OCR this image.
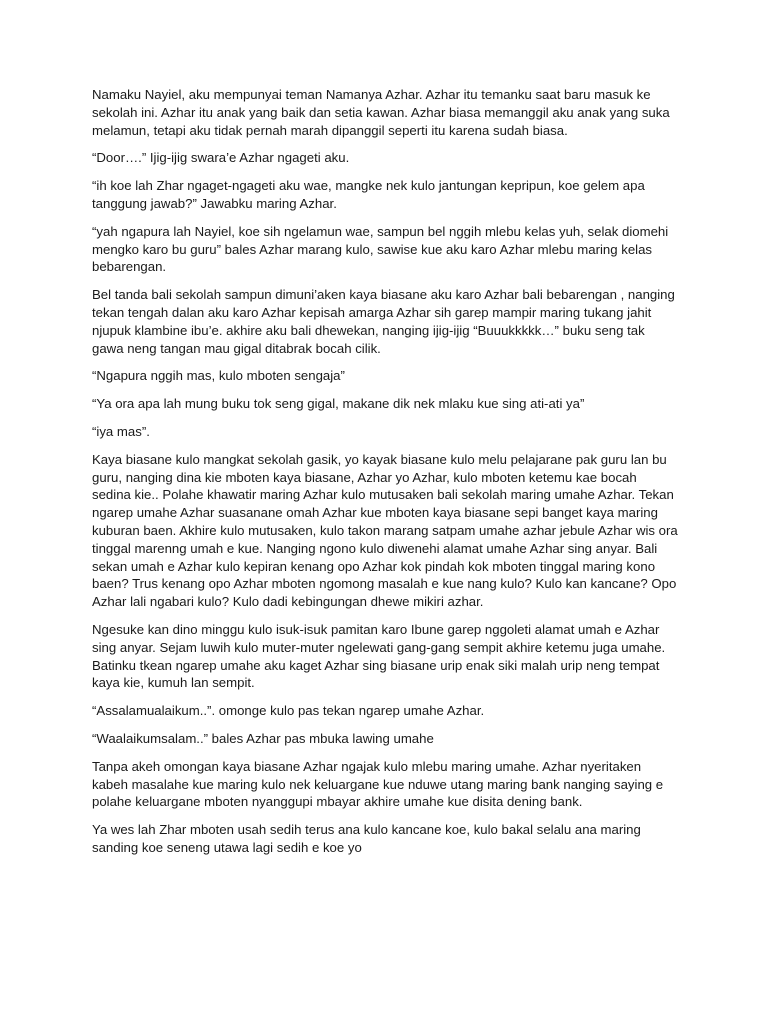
Namaku Nayiel, aku mempunyai teman Namanya Azhar. Azhar itu temanku saat baru masuk ke sekolah ini. Azhar itu anak yang baik dan setia kawan. Azhar biasa memanggil aku anak yang suka melamun, tetapi aku tidak pernah marah dipanggil seperti itu karena sudah biasa.

“Door….” Ijig-ijig swara’e Azhar ngageti aku.

“ih koe lah Zhar ngaget-ngageti aku wae, mangke nek kulo jantungan kepripun, koe gelem apa tanggung jawab?” Jawabku maring Azhar.

“yah ngapura lah Nayiel, koe sih ngelamun wae, sampun bel nggih mlebu kelas yuh, selak diomehi mengko karo bu guru” bales Azhar marang kulo, sawise kue aku karo Azhar mlebu maring kelas bebarengan.

Bel tanda bali sekolah sampun dimuni’aken kaya biasane aku karo Azhar bali bebarengan , nanging tekan tengah dalan aku karo Azhar kepisah amarga Azhar sih garep mampir maring tukang jahit njupuk klambine ibu’e. akhire aku bali dhewekan, nanging ijig-ijig “Buuukkkkk…” buku seng tak gawa neng tangan mau gigal ditabrak bocah cilik.

“Ngapura nggih mas, kulo mboten sengaja”

“Ya ora apa lah mung buku tok seng gigal, makane dik nek mlaku kue sing ati-ati ya”

“iya mas”.

Kaya biasane kulo mangkat sekolah gasik, yo kayak biasane kulo melu pelajarane pak guru lan bu guru, nanging dina kie mboten kaya biasane, Azhar yo Azhar, kulo mboten ketemu kae bocah sedina kie.. Polahe khawatir maring Azhar kulo mutusaken bali sekolah maring umahe Azhar. Tekan ngarep umahe Azhar suasanane omah Azhar kue mboten kaya biasane sepi banget kaya maring kuburan baen. Akhire kulo mutusaken, kulo takon marang satpam umahe azhar jebule Azhar wis ora tinggal marenng umah e kue. Nanging ngono kulo diwenehi alamat umahe Azhar sing anyar. Bali sekan umah e Azhar kulo kepiran kenang opo Azhar kok pindah kok mboten tinggal maring kono baen? Trus kenang opo Azhar mboten ngomong masalah e kue nang kulo? Kulo kan kancane? Opo Azhar lali ngabari kulo? Kulo dadi kebingungan dhewe mikiri azhar.

Ngesuke kan dino minggu kulo isuk-isuk pamitan karo Ibune garep nggoleti alamat umah e Azhar sing anyar. Sejam luwih kulo muter-muter ngelewati gang-gang sempit akhire ketemu juga umahe. Batinku tkean ngarep umahe aku kaget Azhar sing biasane urip enak siki malah urip neng tempat kaya kie, kumuh lan sempit.

“Assalamualaikum..”. omonge kulo pas tekan ngarep umahe Azhar.

“Waalaikumsalam..” bales Azhar pas mbuka lawing umahe

Tanpa akeh omongan kaya biasane Azhar ngajak kulo mlebu maring umahe. Azhar nyeritaken kabeh masalahe kue maring kulo nek keluargane kue nduwe utang maring bank nanging saying e polahe keluargane mboten nyanggupi mbayar akhire umahe kue disita dening bank.

Ya wes lah Zhar mboten usah sedih terus ana kulo kancane koe, kulo bakal selalu ana maring sanding koe seneng utawa lagi sedih e koe yo
